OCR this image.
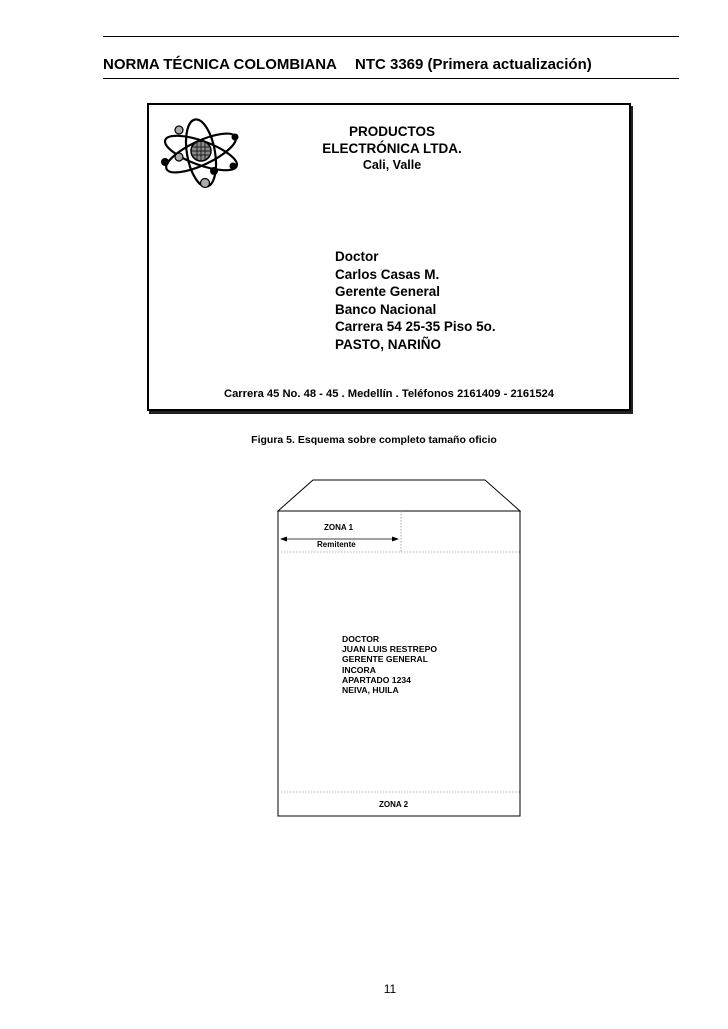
NORMA TÉCNICA COLOMBIANA NTC 3369 (Primera actualización)
PRODUCTOS
ELECTRÓNICA LTDA.
Cali, Valle
Doctor
Carlos Casas M.
Gerente General
Banco Nacional
Carrera 54 25-35 Piso 5o.
PASTO, NARIÑO
Carrera 45 No. 48 - 45 . Medellín . Teléfonos 2161409 - 2161524
Figura 5. Esquema sobre completo tamaño oficio
ZONA 1
Remitente
DOCTOR
JUAN LUIS RESTREPO
GERENTE GENERAL
INCORA
APARTADO 1234
NEIVA, HUILA
ZONA 2
11
